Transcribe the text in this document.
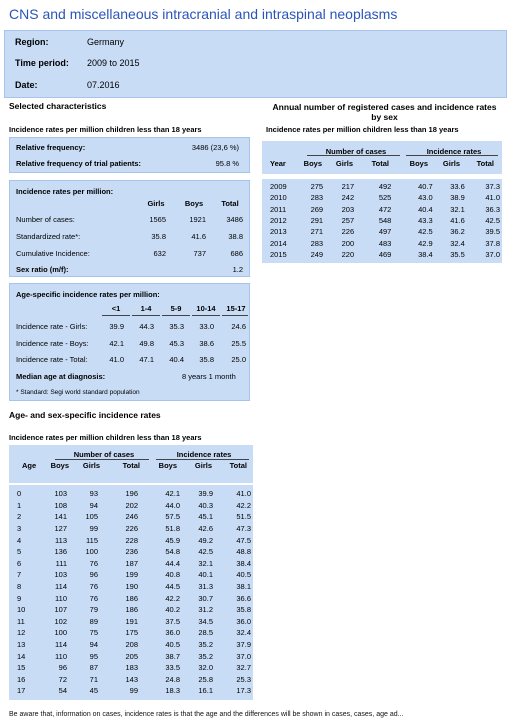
CNS and miscellaneous intracranial and intraspinal neoplasms
Region:	Germany
Time period:	2009 to 2015
Date:	07.2016
Selected characteristics
Incidence rates per million children less than 18 years
Relative frequency:	3486 (23,6 %)
Relative frequency of trial patients:	95.8 %
Incidence rates per million:
Girls	Boys	Total
Number of cases:	1565	1921	3486
Standardized rate*:	35.8	41.6	38.8
Cumulative Incidence:	632	737	686
Sex ratio (m/f):	1.2
Age-specific incidence rates per million:
<1	1-4	5-9	10-14	15-17
Incidence rate - Girls:	39.9	44.3	35.3	33.0	24.6
Incidence rate - Boys:	42.1	49.8	45.3	38.6	25.5
Incidence rate - Total:	41.0	47.1	40.4	35.8	25.0
Median age at diagnosis:	8 years 1 month
* Standard: Segi world standard population
Annual number of registered cases and incidence rates
by sex
Incidence rates per million children less than 18 years
Number of cases	Incidence rates
Year	Boys	Girls	Total	Boys	Girls	Total
2009	275	217	492	40.7	33.6	37.3
2010	283	242	525	43.0	38.9	41.0
2011	269	203	472	40.4	32.1	36.3
2012	291	257	548	43.3	41.6	42.5
2013	271	226	497	42.5	36.2	39.5
2014	283	200	483	42.9	32.4	37.8
2015	249	220	469	38.4	35.5	37.0
Age- and sex-specific incidence rates
Incidence rates per million children less than 18 years
Number of cases	Incidence rates
Age	Boys	Girls	Total	Boys	Girls	Total
0	103	93	196	42.1	39.9	41.0
1	108	94	202	44.0	40.3	42.2
2	141	105	246	57.5	45.1	51.5
3	127	99	226	51.8	42.6	47.3
4	113	115	228	45.9	49.2	47.5
5	136	100	236	54.8	42.5	48.8
6	111	76	187	44.4	32.1	38.4
7	103	96	199	40.8	40.1	40.5
8	114	76	190	44.5	31.3	38.1
9	110	76	186	42.2	30.7	36.6
10	107	79	186	40.2	31.2	35.8
11	102	89	191	37.5	34.5	36.0
12	100	75	175	36.0	28.5	32.4
13	114	94	208	40.5	35.2	37.9
14	110	95	205	38.7	35.2	37.0
15	96	87	183	33.5	32.0	32.7
16	72	71	143	24.8	25.8	25.3
17	54	45	99	18.3	16.1	17.3
Be aware that, information on cases, incidence rates is that the age and the differences will be shown in cases, cases, age ad...
